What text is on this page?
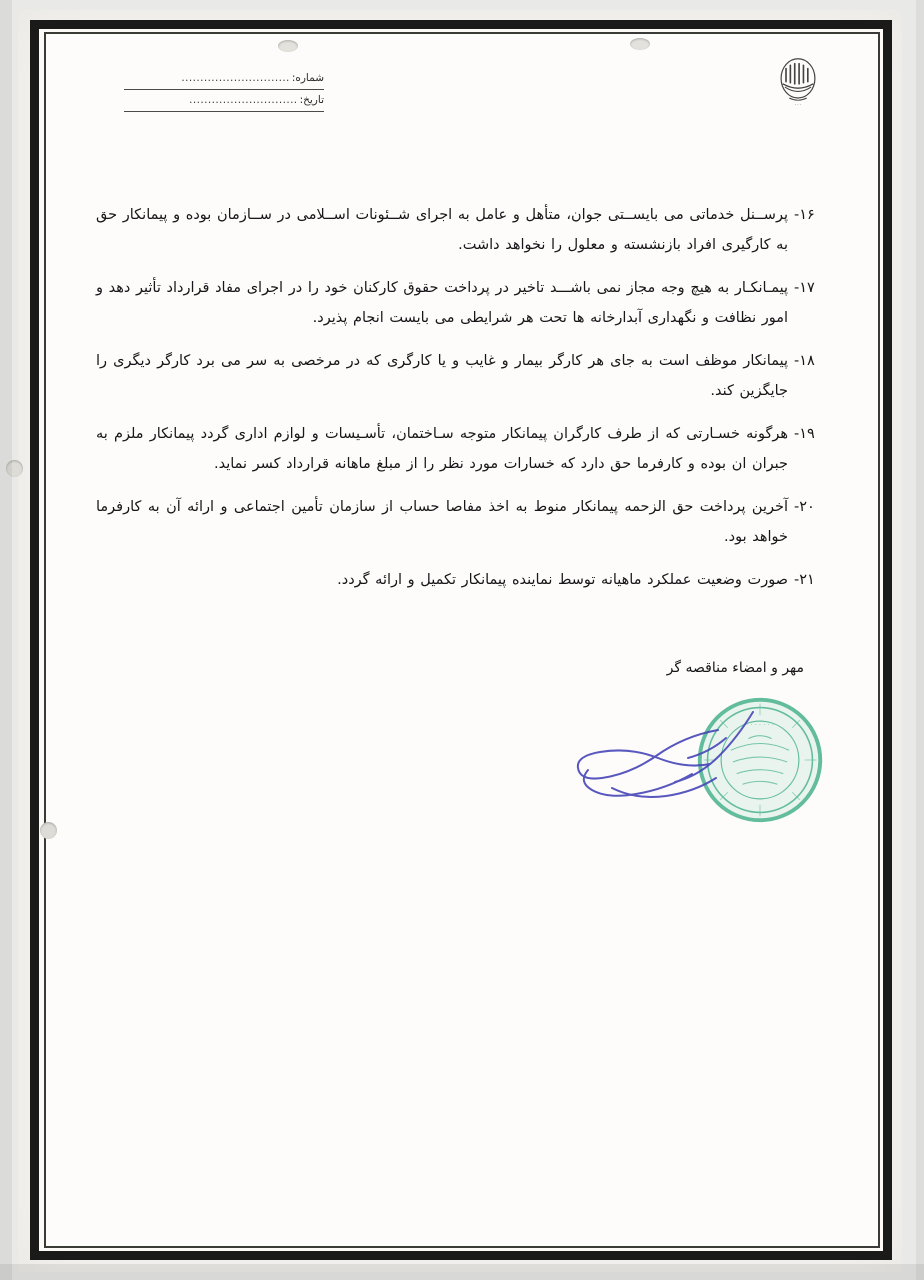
· · ·
شماره:
.............................
تاریخ:
.............................
۱۶-
پرســنل خدماتی می بایســتی جوان، متأهل و عامل به اجرای شــئونات اســلامی در ســازمان بوده و پیمانکار حق به کارگیری افراد بازنشسته و معلول را نخواهد داشت.
۱۷-
پیمـانکـار به هیچ وجه مجاز نمی باشـــد تاخیر در پرداخت حقوق کارکنان خود را در اجرای مفاد قرارداد تأثیر دهد و امور نظافت و نگهداری آبدارخانه ها تحت هر شرایطی می بایست انجام پذیرد.
۱۸-
پیمانکار موظف است به جای هر کارگر بیمار و غایب و یا کارگری که در مرخصی به سر می برد کارگر دیگری را جایگزین کند.
۱۹-
هرگونه خسـارتی که از طرف کارگران پیمانکار متوجه سـاختمان، تأسـیسات و لوازم اداری گردد پیمانکار ملزم به جبران ان بوده و کارفرما حق دارد که خسارات مورد نظر را از مبلغ ماهانه قرارداد کسر نماید.
۲۰-
آخرین پرداخت حق الزحمه پیمانکار منوط به اخذ مفاصا حساب از سازمان تأمین اجتماعی و ارائه آن به کارفرما خواهد بود.
۲۱-
صورت وضعیت عملکرد ماهیانه توسط نماینده پیمانکار تکمیل و ارائه گردد.
مهر و امضاء مناقصه گر
· · · · · · ·
